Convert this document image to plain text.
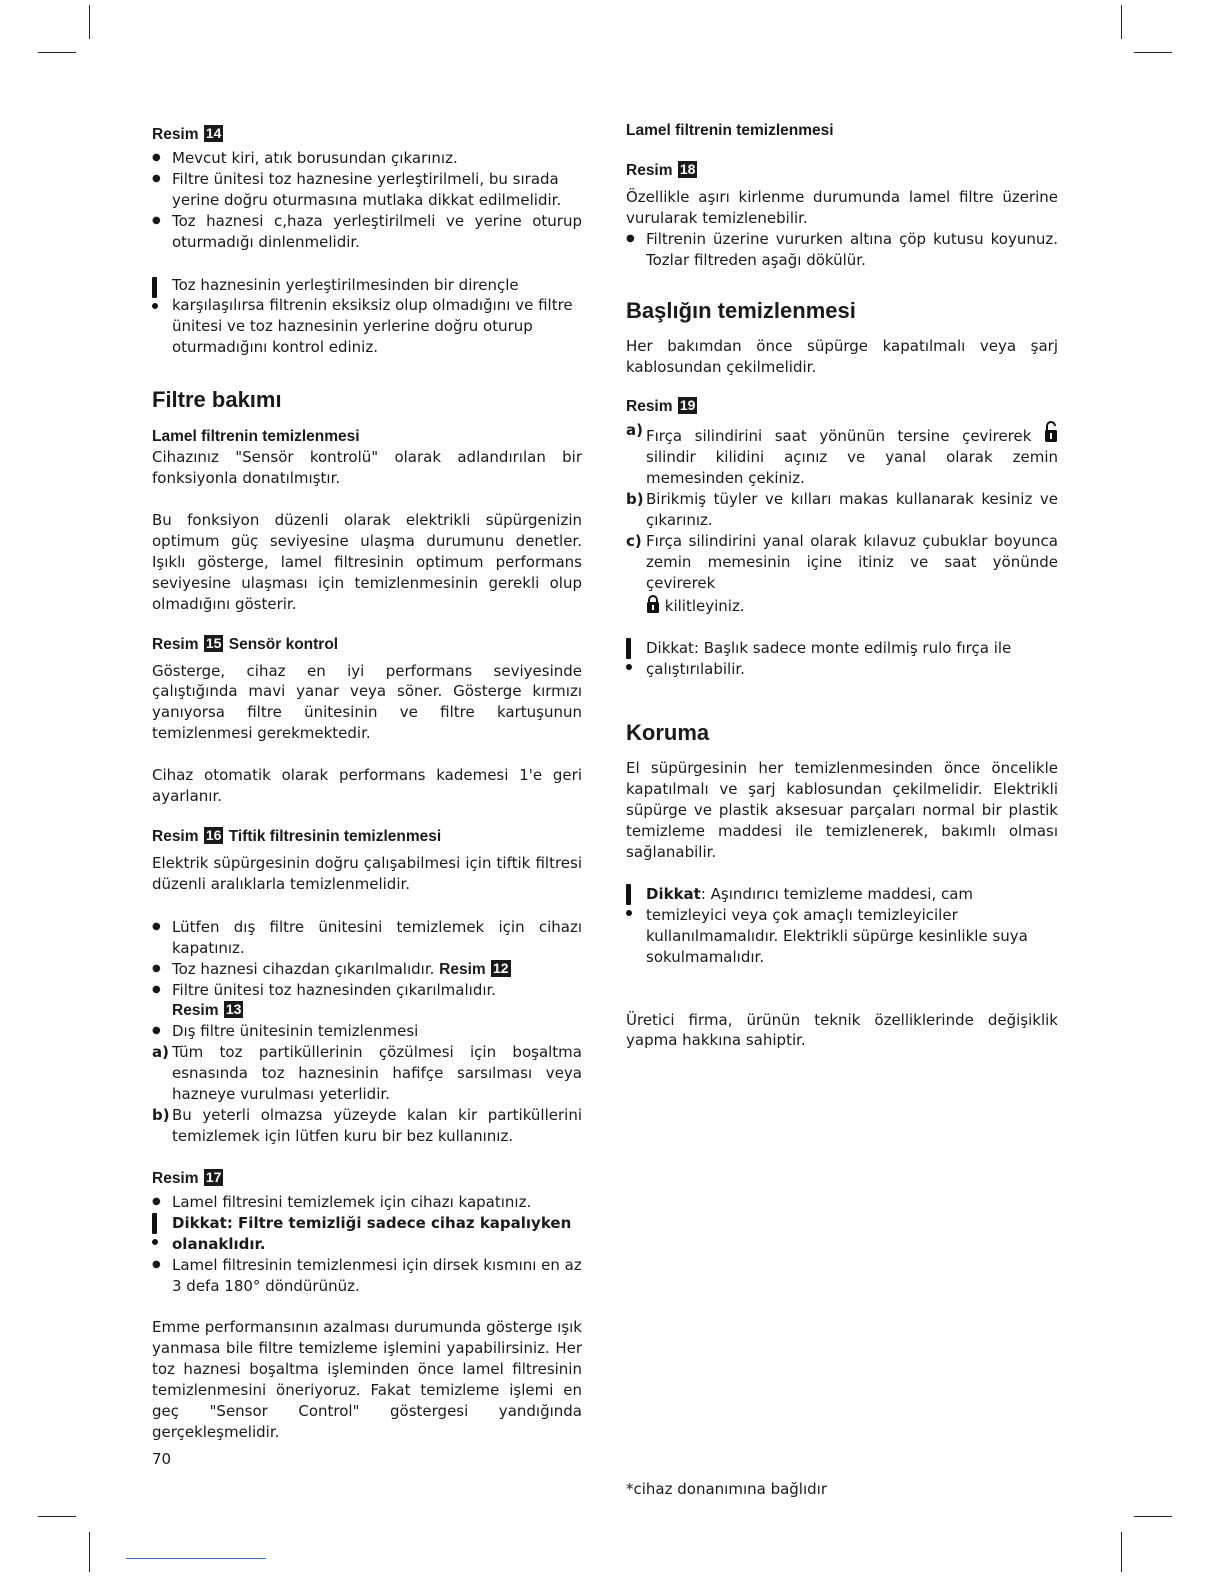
Resim 14
● Mevcut kiri, atık borusundan çıkarınız.
● Filtre ünitesi toz haznesine yerleştirilmeli, bu sırada yerine doğru oturmasına mutlaka dikkat edilmelidir.
● Toz haznesi c,haza yerleştirilmeli ve yerine oturup oturmadığı dinlenmelidir.
Toz haznesinin yerleştirilmesinden bir dirençle karşılaşılırsa filtrenin eksiksiz olup olmadığını ve filtre ünitesi ve toz haznesinin yerlerine doğru oturup oturmadığını kontrol ediniz.
Filtre bakımı
Lamel filtrenin temizlenmesi

Cihazınız "Sensör kontrolü" olarak adlandırılan bir fonksiyonla donatılmıştır.

Bu fonksiyon düzenli olarak elektrikli süpürgenizin optimum güç seviyesine ulaşma durumunu denetler. Işıklı gösterge, lamel filtresinin optimum performans seviyesine ulaşması için temizlenmesinin gerekli olup olmadığını gösterir.

Resim 15 Sensör kontrol

Gösterge, cihaz en iyi performans seviyesinde çalıştığında mavi yanar veya söner. Gösterge kırmızı yanıyorsa filtre ünitesinin ve filtre kartuşunun temizlenmesi gerekmektedir.

Cihaz otomatik olarak performans kademesi 1'e geri ayarlanır.

Resim 16 Tiftik filtresinin temizlenmesi

Elektrik süpürgesinin doğru çalışabilmesi için tiftik filtresi düzenli aralıklarla temizlenmelidir.

● Lütfen dış filtre ünitesini temizlemek için cihazı kapatınız.
● Toz haznesi cihazdan çıkarılmalıdır. Resim 12
● Filtre ünitesi toz haznesinden çıkarılmalıdır.
Resim 13
● Dış filtre ünitesinin temizlenmesi
a) Tüm toz partiküllerinin çözülmesi için boşaltma esnasında toz haznesinin hafifçe sarsılması veya hazneye vurulması yeterlidir.
b) Bu yeterli olmazsa yüzeyde kalan kir partiküllerini temizlemek için lütfen kuru bir bez kullanınız.
Resim 17
● Lamel filtresini temizlemek için cihazı kapatınız.
Dikkat: Filtre temizliği sadece cihaz kapalıyken olanaklıdır.
● Lamel filtresinin temizlenmesi için dirsek kısmını en az 3 defa 180° döndürünüz.

Emme performansının azalması durumunda gösterge ışık yanmasa bile filtre temizleme işlemini yapabilirsiniz. Her toz haznesi boşaltma işleminden önce lamel filtresinin temizlenmesini öneriyoruz. Fakat temizleme işlemi en geç "Sensor Control" göstergesi yandığında gerçekleşmelidir.

70
Lamel filtrenin temizlenmesi
Resim 18

Özellikle aşırı kirlenme durumunda lamel filtre üzerine vurularak temizlenebilir.

● Filtrenin üzerine vururken altına çöp kutusu koyunuz. Tozlar filtreden aşağı dökülür.
Başlığın temizlenmesi

Her bakımdan önce süpürge kapatılmalı veya şarj kablosundan çekilmelidir.

Resim 19
a) Fırça silindirini saat yönünün tersine çevirerek  silindir kilidini açınız ve yanal olarak zemin memesinden çekiniz.
b) Birikmiş tüyler ve kılları makas kullanarak kesiniz ve çıkarınız.
c) Fırça silindirini yanal olarak kılavuz çubuklar boyunca zemin memesinin içine itiniz ve saat yönünde çevirerek
kilitleyiniz.
Dikkat: Başlık sadece monte edilmiş rulo fırça ile çalıştırılabilir.
Koruma

El süpürgesinin her temizlenmesinden önce öncelikle kapatılmalı ve şarj kablosundan çekilmelidir. Elektrikli süpürge ve plastik aksesuar parçaları normal bir plastik temizleme maddesi ile temizlenerek, bakımlı olması sağlanabilir.

Dikkat: Aşındırıcı temizleme maddesi, cam temizleyici veya çok amaçlı temizleyiciler kullanılmamalıdır. Elektrikli süpürge kesinlikle suya sokulmamalıdır.

Üretici firma, ürünün teknik özelliklerinde değişiklik yapma hakkına sahiptir.

*cihaz donanımına bağlıdır
